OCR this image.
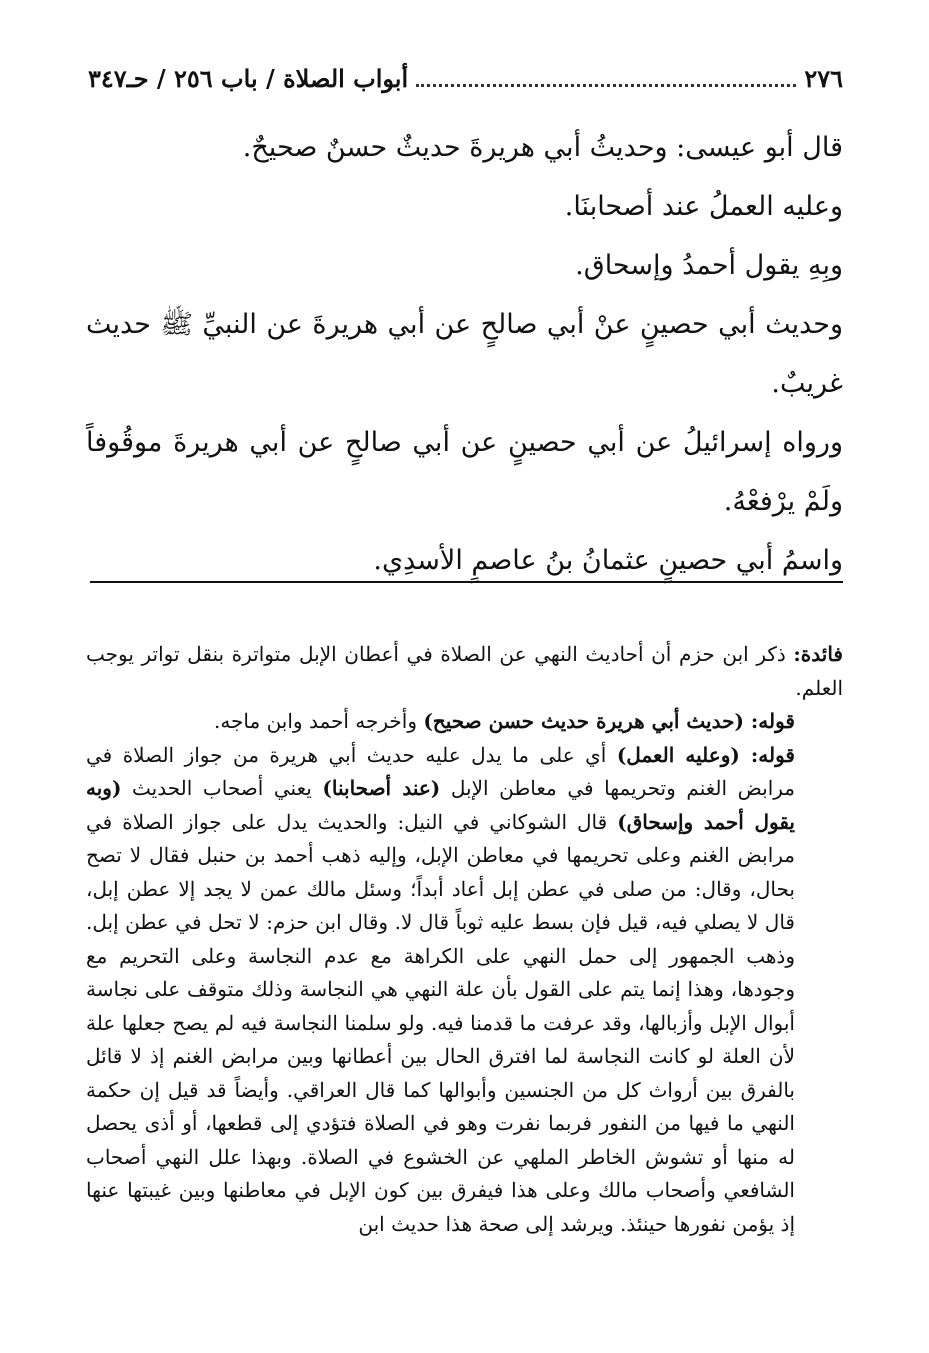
٢٧٦
أبواب الصلاة / باب ٢٥٦ / حـ٣٤٧

قال أبو عيسى: وحديثُ أبي هريرةَ حديثٌ حسنٌ صحيحٌ.

وعليه العملُ عند أصحابنَا.

وبِهِ يقول أحمدُ وإسحاق.

وحديث أبي حصينٍ عنْ أبي صالحٍ عن أبي هريرةَ عن النبيِّ ﷺ حديث غريبٌ.

ورواه إسرائيلُ عن أبي حصينٍ عن أبي صالحٍ عن أبي هريرةَ موقُوفاً ولَمْ يرْفعْهُ.

واسمُ أبي حصينٍ عثمانُ بنُ عاصمٍ الأسدِي.

فائدة: ذكر ابن حزم أن أحاديث النهي عن الصلاة في أعطان الإبل متواترة بنقل تواتر يوجب العلم.

قوله: (حديث أبي هريرة حديث حسن صحيح) وأخرجه أحمد وابن ماجه.

قوله: (وعليه العمل) أي على ما يدل عليه حديث أبي هريرة من جواز الصلاة في مرابض الغنم وتحريمها في معاطن الإبل (عند أصحابنا) يعني أصحاب الحديث (وبه يقول أحمد وإسحاق) قال الشوكاني في النيل: والحديث يدل على جواز الصلاة في مرابض الغنم وعلى تحريمها في معاطن الإبل، وإليه ذهب أحمد بن حنبل فقال لا تصح بحال، وقال: من صلى في عطن إبل أعاد أبداً؛ وسئل مالك عمن لا يجد إلا عطن إبل، قال لا يصلي فيه، قيل فإن بسط عليه ثوباً قال لا. وقال ابن حزم: لا تحل في عطن إبل. وذهب الجمهور إلى حمل النهي على الكراهة مع عدم النجاسة وعلى التحريم مع وجودها، وهذا إنما يتم على القول بأن علة النهي هي النجاسة وذلك متوقف على نجاسة أبوال الإبل وأزبالها، وقد عرفت ما قدمنا فيه. ولو سلمنا النجاسة فيه لم يصح جعلها علة لأن العلة لو كانت النجاسة لما افترق الحال بين أعطانها وبين مرابض الغنم إذ لا قائل بالفرق بين أرواث كل من الجنسين وأبوالها كما قال العراقي. وأيضاً قد قيل إن حكمة النهي ما فيها من النفور فربما نفرت وهو في الصلاة فتؤدي إلى قطعها، أو أذى يحصل له منها أو تشوش الخاطر الملهي عن الخشوع في الصلاة. وبهذا علل النهي أصحاب الشافعي وأصحاب مالك وعلى هذا فيفرق بين كون الإبل في معاطنها وبين غيبتها عنها إذ يؤمن نفورها حينئذ. ويرشد إلى صحة هذا حديث ابن
